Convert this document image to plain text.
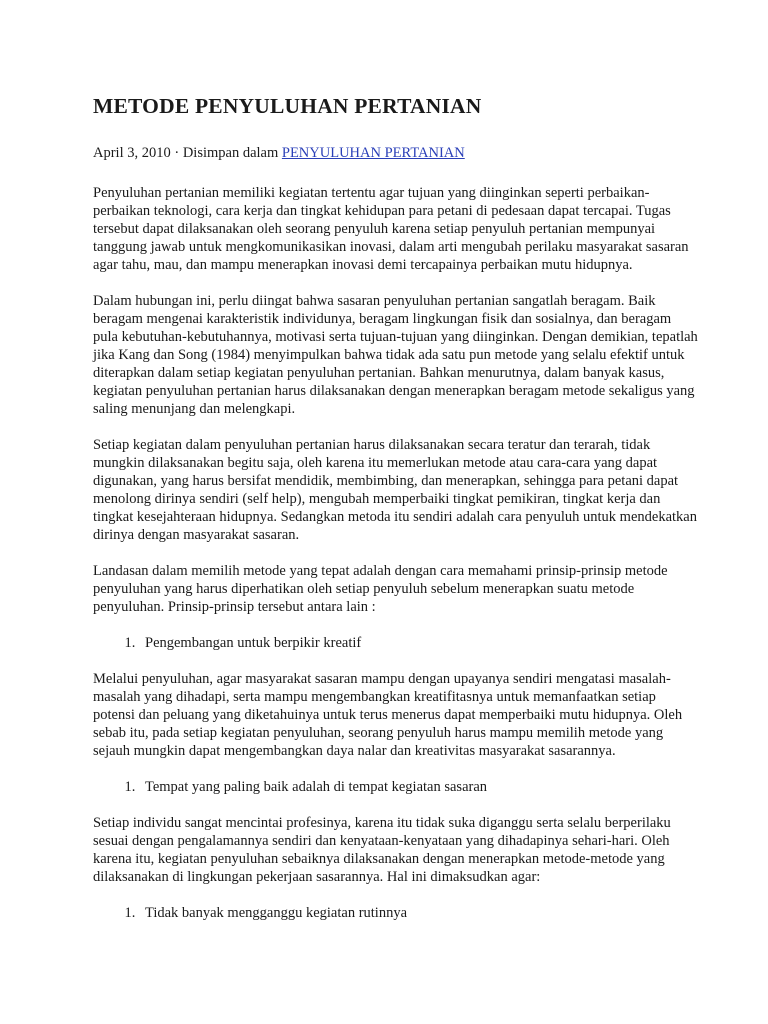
METODE PENYULUHAN PERTANIAN
April 3, 2010 · Disimpan dalam PENYULUHAN PERTANIAN

Penyuluhan pertanian memiliki kegiatan tertentu agar tujuan yang diinginkan seperti perbaikan-perbaikan teknologi, cara kerja dan tingkat kehidupan para petani di pedesaan dapat tercapai. Tugas tersebut dapat dilaksanakan oleh seorang penyuluh karena setiap penyuluh pertanian mempunyai tanggung jawab untuk mengkomunikasikan inovasi, dalam arti mengubah perilaku masyarakat sasaran agar tahu, mau, dan mampu menerapkan inovasi demi tercapainya perbaikan mutu hidupnya.

Dalam hubungan ini, perlu diingat bahwa sasaran penyuluhan pertanian sangatlah beragam. Baik beragam mengenai karakteristik individunya, beragam lingkungan fisik dan sosialnya, dan beragam pula kebutuhan-kebutuhannya, motivasi serta tujuan-tujuan yang diinginkan. Dengan demikian, tepatlah jika Kang dan Song (1984) menyimpulkan bahwa tidak ada satu pun metode yang selalu efektif untuk diterapkan dalam setiap kegiatan penyuluhan pertanian. Bahkan menurutnya, dalam banyak kasus, kegiatan penyuluhan pertanian harus dilaksanakan dengan menerapkan beragam metode sekaligus yang saling menunjang dan melengkapi.

Setiap kegiatan dalam penyuluhan pertanian harus dilaksanakan secara teratur dan terarah, tidak mungkin dilaksanakan begitu saja, oleh karena itu memerlukan metode atau cara-cara yang dapat digunakan, yang harus bersifat mendidik, membimbing, dan menerapkan, sehingga para petani dapat menolong dirinya sendiri (self help), mengubah memperbaiki tingkat pemikiran, tingkat kerja dan tingkat kesejahteraan hidupnya. Sedangkan metoda itu sendiri adalah cara penyuluh untuk mendekatkan dirinya dengan masyarakat sasaran.

Landasan dalam memilih metode yang tepat adalah dengan cara memahami prinsip-prinsip metode penyuluhan yang harus diperhatikan oleh setiap penyuluh sebelum menerapkan suatu metode penyuluhan. Prinsip-prinsip tersebut antara lain :

1. Pengembangan untuk berpikir kreatif

Melalui penyuluhan, agar masyarakat sasaran mampu dengan upayanya sendiri mengatasi masalah-masalah yang dihadapi, serta mampu mengembangkan kreatifitasnya untuk memanfaatkan setiap potensi dan peluang yang diketahuinya untuk terus menerus dapat memperbaiki mutu hidupnya. Oleh sebab itu, pada setiap kegiatan penyuluhan, seorang penyuluh harus mampu memilih metode yang sejauh mungkin dapat mengembangkan daya nalar dan kreativitas masyarakat sasarannya.

1. Tempat yang paling baik adalah di tempat kegiatan sasaran

Setiap individu sangat mencintai profesinya, karena itu tidak suka diganggu serta selalu berperilaku sesuai dengan pengalamannya sendiri dan kenyataan-kenyataan yang dihadapinya sehari-hari. Oleh karena itu, kegiatan penyuluhan sebaiknya dilaksanakan dengan menerapkan metode-metode yang dilaksanakan di lingkungan pekerjaan sasarannya. Hal ini dimaksudkan agar:

1. Tidak banyak mengganggu kegiatan rutinnya
